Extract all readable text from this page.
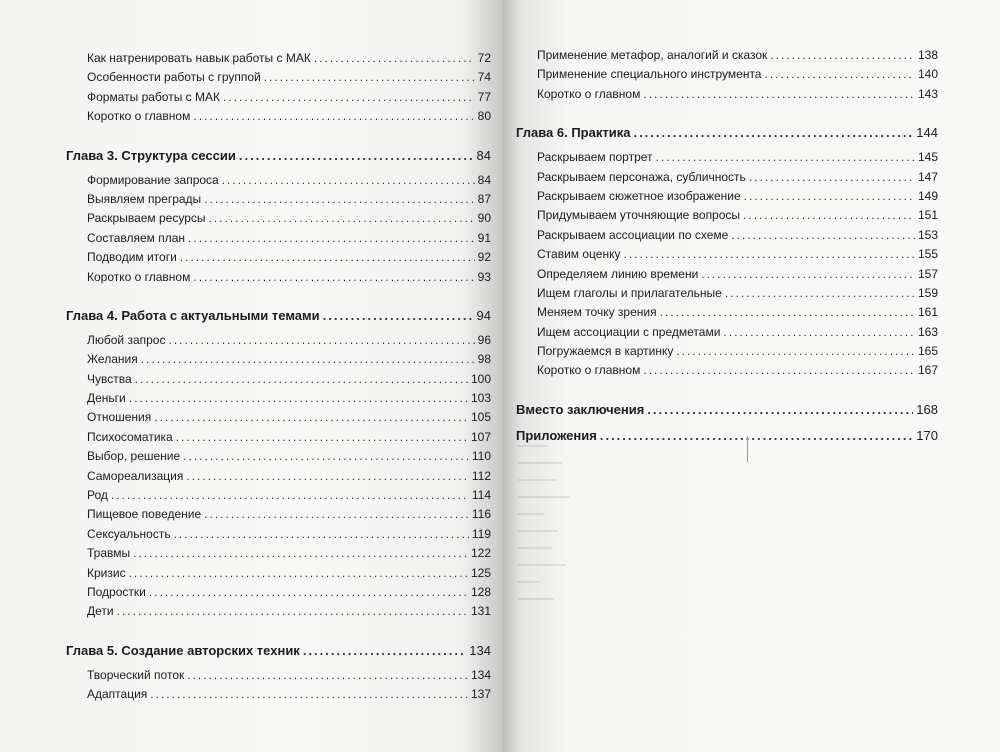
Как натренировать навык работы с МАК .....	72
Особенности работы с группой .....	74
Форматы работы с МАК .....	77
Коротко о главном .....	80
Глава 3. Структура сессии .....	84
Формирование запроса .....	84
Выявляем преграды .....	87
Раскрываем ресурсы .....	90
Составляем план .....	91
Подводим итоги .....	92
Коротко о главном .....	93
Глава 4. Работа с актуальными темами .....	94
Любой запрос .....	96
Желания .....	98
Чувства .....	100
Деньги .....	103
Отношения .....	105
Психосоматика .....	107
Выбор, решение .....	110
Самореализация .....	112
Род .....	114
Пищевое поведение .....	116
Сексуальность .....	119
Травмы .....	122
Кризис .....	125
Подростки .....	128
Дети .....	131
Глава 5. Создание авторских техник .....	134
Творческий поток .....	134
Адаптация .....	137
Применение метафор, аналогий и сказок .....	138
Применение специального инструмента .....	140
Коротко о главном .....	143
Глава 6. Практика .....	144
Раскрываем портрет .....	145
Раскрываем персонажа, субличность .....	147
Раскрываем сюжетное изображение .....	149
Придумываем уточняющие вопросы .....	151
Раскрываем ассоциации по схеме .....	153
Ставим оценку .....	155
Определяем линию времени .....	157
Ищем глаголы и прилагательные .....	159
Меняем точку зрения .....	161
Ищем ассоциации с предметами .....	163
Погружаемся в картинку .....	165
Коротко о главном .....	167
Вместо заключения .....	168
Приложения .....	170
